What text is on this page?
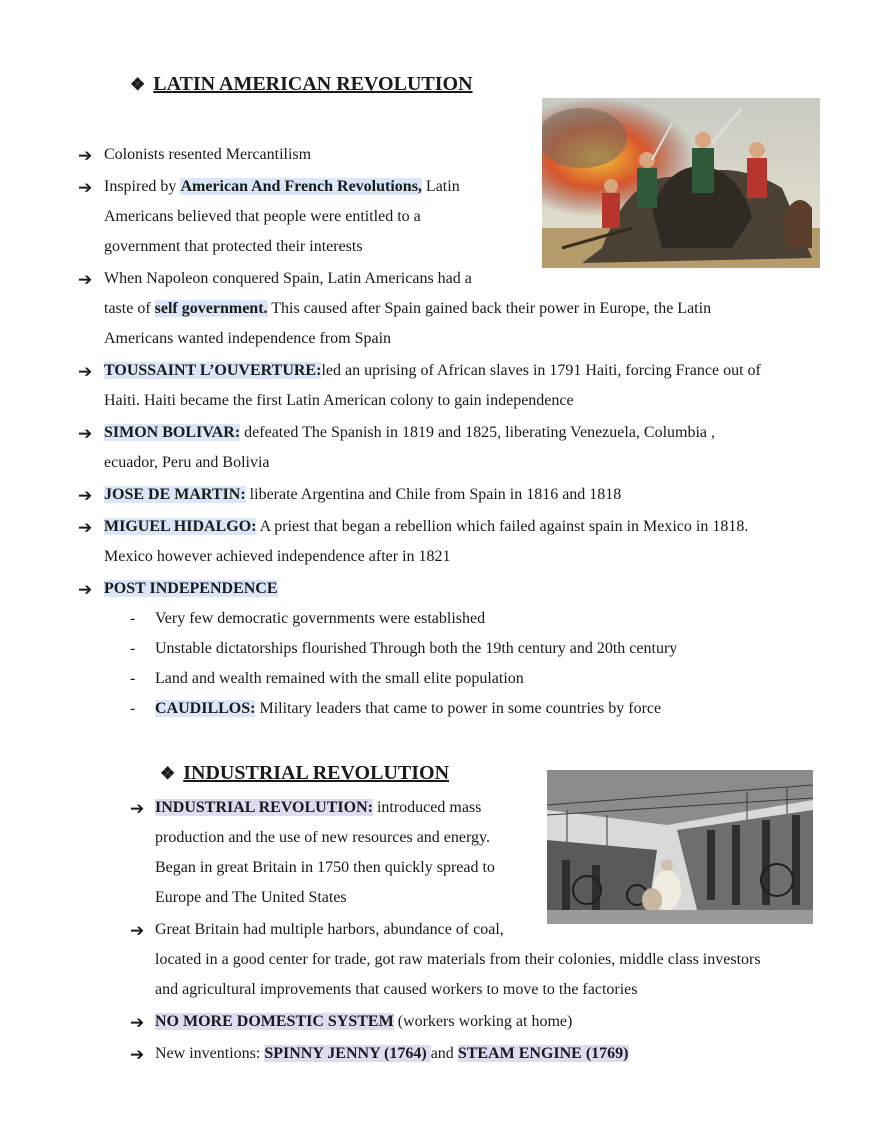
❖ LATIN AMERICAN REVOLUTION
➔ Colonists resented Mercantilism
➔ Inspired by American And French Revolutions, Latin
Americans believed that people were entitled to a
government that protected their interests
➔ When Napoleon conquered Spain, Latin Americans had a
taste of self government. This caused after Spain gained back their power in Europe, the Latin
Americans wanted independence from Spain
➔ TOUSSAINT L’OUVERTURE:led an uprising of African slaves in 1791 Haiti, forcing France out of
Haiti. Haiti became the first Latin American colony to gain independence
➔ SIMON BOLIVAR: defeated The Spanish in 1819 and 1825, liberating Venezuela, Columbia ,
ecuador, Peru and Bolivia
➔ JOSE DE MARTIN: liberate Argentina and Chile from Spain in 1816 and 1818
➔ MIGUEL HIDALGO: A priest that began a rebellion which failed against spain in Mexico in 1818.
Mexico however achieved independence after in 1821
➔ POST INDEPENDENCE
- Very few democratic governments were established
- Unstable dictatorships flourished Through both the 19th century and 20th century
- Land and wealth remained with the small elite population
- CAUDILLOS: Military leaders that came to power in some countries by force
❖ INDUSTRIAL REVOLUTION
➔ INDUSTRIAL REVOLUTION: introduced mass
production and the use of new resources and energy.
Began in great Britain in 1750 then quickly spread to
Europe and The United States
➔ Great Britain had multiple harbors, abundance of coal,
located in a good center for trade, got raw materials from their colonies, middle class investors
and agricultural improvements that caused workers to move to the factories
➔ NO MORE DOMESTIC SYSTEM (workers working at home)
➔ New inventions: SPINNY JENNY (1764) and STEAM ENGINE (1769)
